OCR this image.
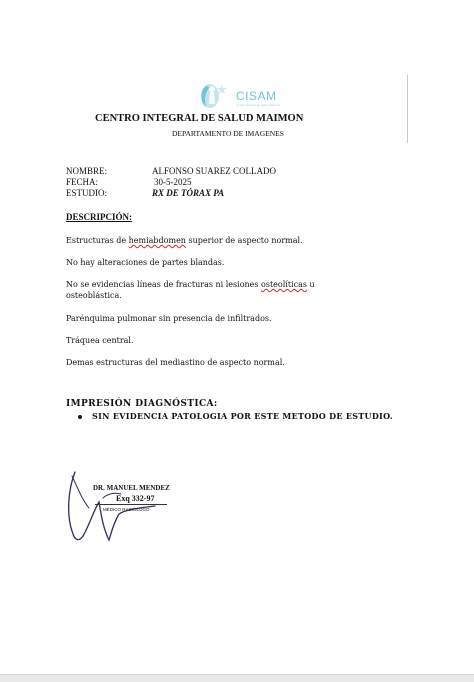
CISAM
Centro Integral de Salud Maimon
CENTRO INTEGRAL DE SALUD MAIMON
DEPARTAMENTO DE IMAGENES
NOMBRE:	ALFONSO SUAREZ COLLADO
FECHA:	30-5-2025
ESTUDIO:	RX DE TÓRAX PA
DESCRIPCIÓN:
Estructuras de hemiabdomen superior de aspecto normal.
No hay alteraciones de partes blandas.
No se evidencias líneas de fracturas ni lesiones osteolíticas u osteoblástica.
Parénquima pulmonar sin presencia de infiltrados.
Tráquea central.
Demas estructuras del mediastino de aspecto normal.
IMPRESIÓN DIAGNÓSTICA:
SIN EVIDENCIA PATOLOGIA POR ESTE METODO DE ESTUDIO.
DR. MANUEL MENDEZ
Exq 332-97
MÉDICO RADIÓLOGO
